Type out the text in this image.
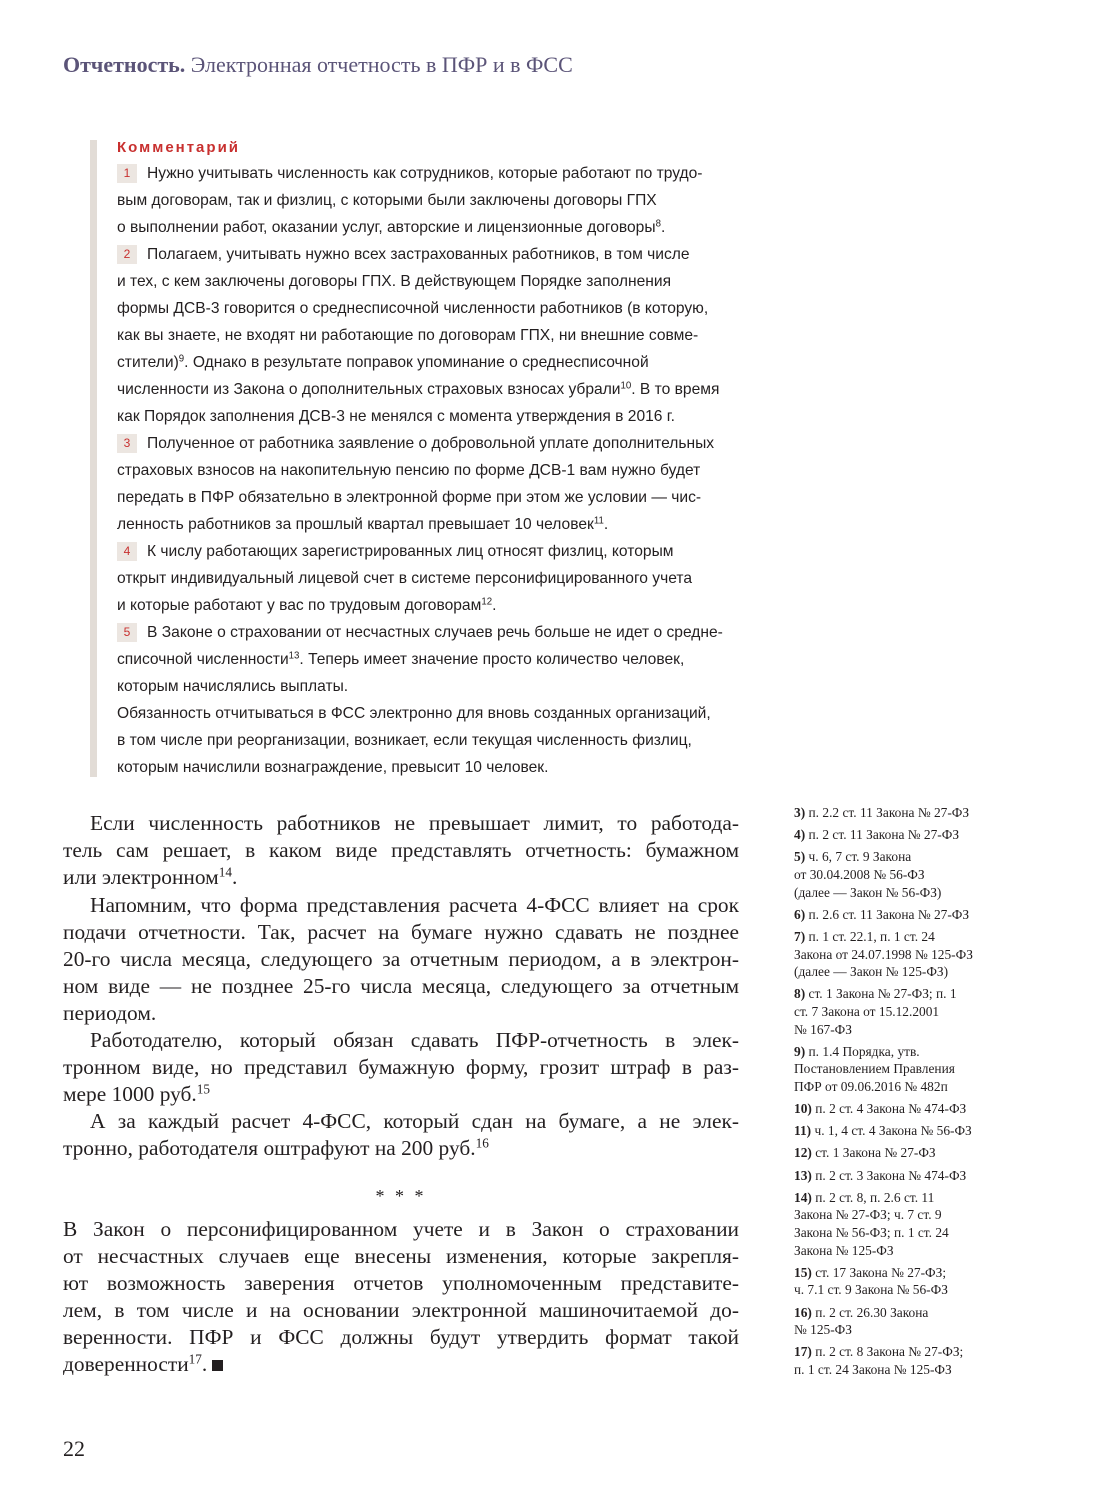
Отчетность. Электронная отчетность в ПФР и в ФСС
Комментарий
1 Нужно учитывать численность как сотрудников, которые работают по трудо-
вым договорам, так и физлиц, с которыми были заключены договоры ГПХ
о выполнении работ, оказании услуг, авторские и лицензионные договоры$^8$.
2 Полагаем, учитывать нужно всех застрахованных работников, в том числе
и тех, с кем заключены договоры ГПХ. В действующем Порядке заполнения
формы ДСВ-3 говорится о среднесписочной численности работников (в которую,
как вы знаете, не входят ни работающие по договорам ГПХ, ни внешние совме-
стители)$^9$. Однако в результате поправок упоминание о среднесписочной
численности из Закона о дополнительных страховых взносах убрали$^{10}$. В то время
как Порядок заполнения ДСВ-3 не менялся с момента утверждения в 2016 г.
3 Полученное от работника заявление о добровольной уплате дополнительных
страховых взносов на накопительную пенсию по форме ДСВ-1 вам нужно будет
передать в ПФР обязательно в электронной форме при этом же условии — чис-
ленность работников за прошлый квартал превышает 10 человек$^{11}$.
4 К числу работающих зарегистрированных лиц относят физлиц, которым
открыт индивидуальный лицевой счет в системе персонифицированного учета
и которые работают у вас по трудовым договорам$^{12}$.
5 В Законе о страховании от несчастных случаев речь больше не идет о средне-
списочной численности$^{13}$. Теперь имеет значение просто количество человек,
которым начислялись выплаты.
Обязанность отчитываться в ФСС электронно для вновь созданных организаций,
в том числе при реорганизации, возникает, если текущая численность физлиц,
которым начислили вознаграждение, превысит 10 человек.
Если численность работников не превышает лимит, то работода-
тель сам решает, в каком виде представлять отчетность: бумажном
или электронном$^{14}$.
Напомним, что форма представления расчета 4-ФСС влияет на срок
подачи отчетности. Так, расчет на бумаге нужно сдавать не позднее
20-го числа месяца, следующего за отчетным периодом, а в электрон-
ном виде — не позднее 25-го числа месяца, следующего за отчетным
периодом.
Работодателю, который обязан сдавать ПФР-отчетность в элек-
тронном виде, но представил бумажную форму, грозит штраф в раз-
мере 1000 руб.$^{15}$
А за каждый расчет 4-ФСС, который сдан на бумаге, а не элек-
тронно, работодателя оштрафуют на 200 руб.$^{16}$
* * *
В Закон о персонифицированном учете и в Закон о страховании
от несчастных случаев еще внесены изменения, которые закрепля-
ют возможность заверения отчетов уполномоченным представите-
лем, в том числе и на основании электронной машиночитаемой до-
веренности. ПФР и ФСС должны будут утвердить формат такой
доверенности$^{17}$.
3) п. 2.2 ст. 11 Закона № 27-ФЗ
4) п. 2 ст. 11 Закона № 27-ФЗ
5) ч. 6, 7 ст. 9 Закона
от 30.04.2008 № 56-ФЗ
(далее — Закон № 56-ФЗ)
6) п. 2.6 ст. 11 Закона № 27-ФЗ
7) п. 1 ст. 22.1, п. 1 ст. 24
Закона от 24.07.1998 № 125-ФЗ
(далее — Закон № 125-ФЗ)
8) ст. 1 Закона № 27-ФЗ; п. 1
ст. 7 Закона от 15.12.2001
№ 167-ФЗ
9) п. 1.4 Порядка, утв.
Постановлением Правления
ПФР от 09.06.2016 № 482п
10) п. 2 ст. 4 Закона № 474-ФЗ
11) ч. 1, 4 ст. 4 Закона № 56-ФЗ
12) ст. 1 Закона № 27-ФЗ
13) п. 2 ст. 3 Закона № 474-ФЗ
14) п. 2 ст. 8, п. 2.6 ст. 11
Закона № 27-ФЗ; ч. 7 ст. 9
Закона № 56-ФЗ; п. 1 ст. 24
Закона № 125-ФЗ
15) ст. 17 Закона № 27-ФЗ;
ч. 7.1 ст. 9 Закона № 56-ФЗ
16) п. 2 ст. 26.30 Закона
№ 125-ФЗ
17) п. 2 ст. 8 Закона № 27-ФЗ;
п. 1 ст. 24 Закона № 125-ФЗ
22
